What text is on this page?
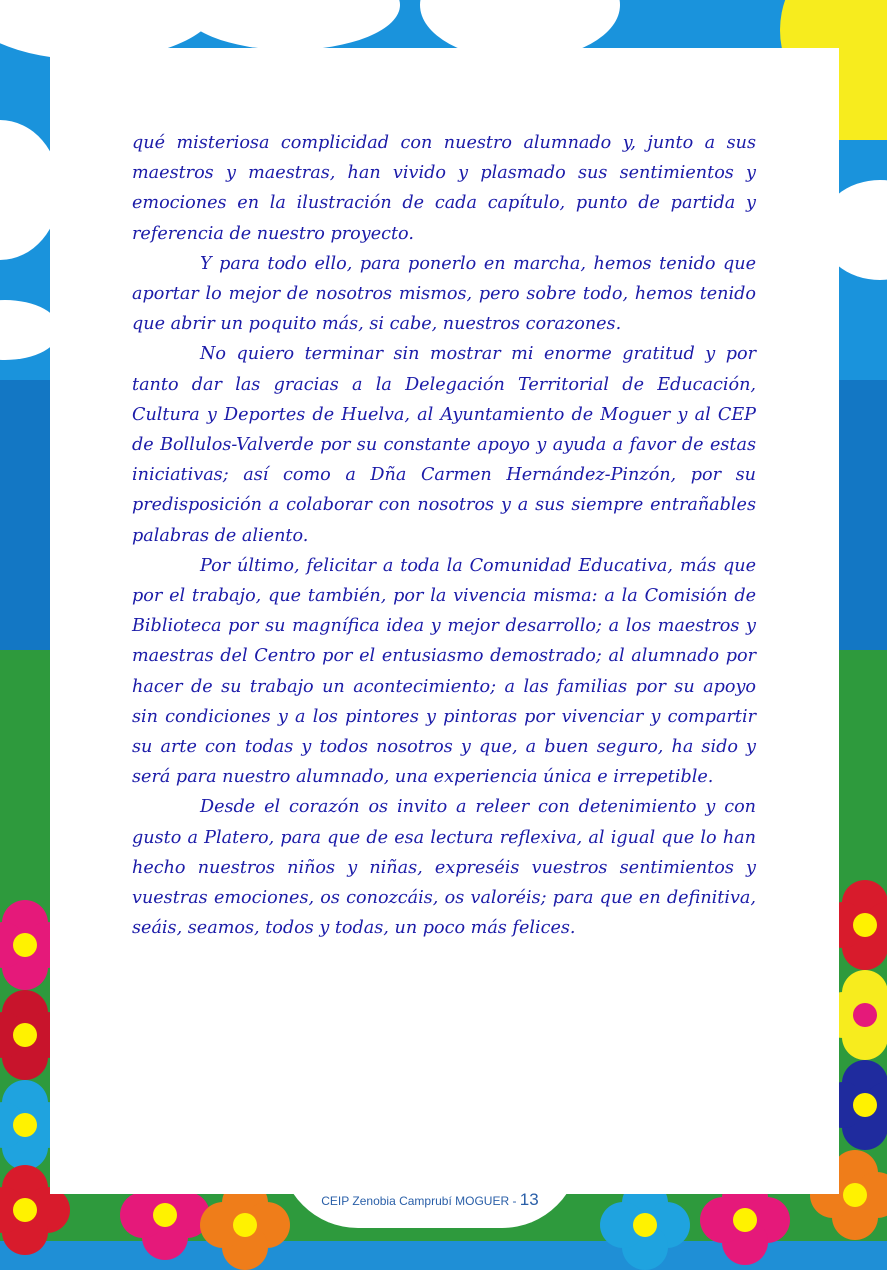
qué misteriosa complicidad con nuestro alumnado y, junto a sus maestros y maestras, han vivido y plasmado sus sentimientos y emociones en la ilustración de cada capítulo, punto de partida y referencia de nuestro proyecto.

Y para todo ello, para ponerlo en marcha, hemos tenido que aportar lo mejor de nosotros mismos, pero sobre todo, hemos tenido que abrir un poquito más, si cabe, nuestros corazones.

No quiero terminar sin mostrar mi enorme gratitud y por tanto dar las gracias a la Delegación Territorial de Educación, Cultura y Deportes de Huelva, al Ayuntamiento de Moguer y al CEP de Bollulos-Valverde por su constante apoyo y ayuda a favor de estas iniciativas; así como a Dña Carmen Hernández-Pinzón, por su predisposición a colaborar con nosotros y a sus siempre entrañables palabras de aliento.

Por último, felicitar a toda la Comunidad Educativa, más que por el trabajo, que también, por la vivencia misma: a la Comisión de Biblioteca por su magnífica idea y mejor desarrollo; a los maestros y maestras del Centro por el entusiasmo demostrado; al alumnado por hacer de su trabajo un acontecimiento; a las familias por su apoyo sin condiciones y a los pintores y pintoras por vivenciar y compartir su arte con todas y todos nosotros y que, a buen seguro, ha sido y será para nuestro alumnado, una experiencia única e irrepetible.

Desde el corazón os invito a releer con detenimiento y con gusto a Platero, para que de esa lectura reflexiva, al igual que lo han hecho nuestros niños y niñas, expreséis vuestros sentimientos y vuestras emociones, os conozcáis, os valoréis; para que en definitiva, seáis, seamos, todos y todas, un poco más felices.

CEIP Zenobia Camprubí MOGUER - 13
